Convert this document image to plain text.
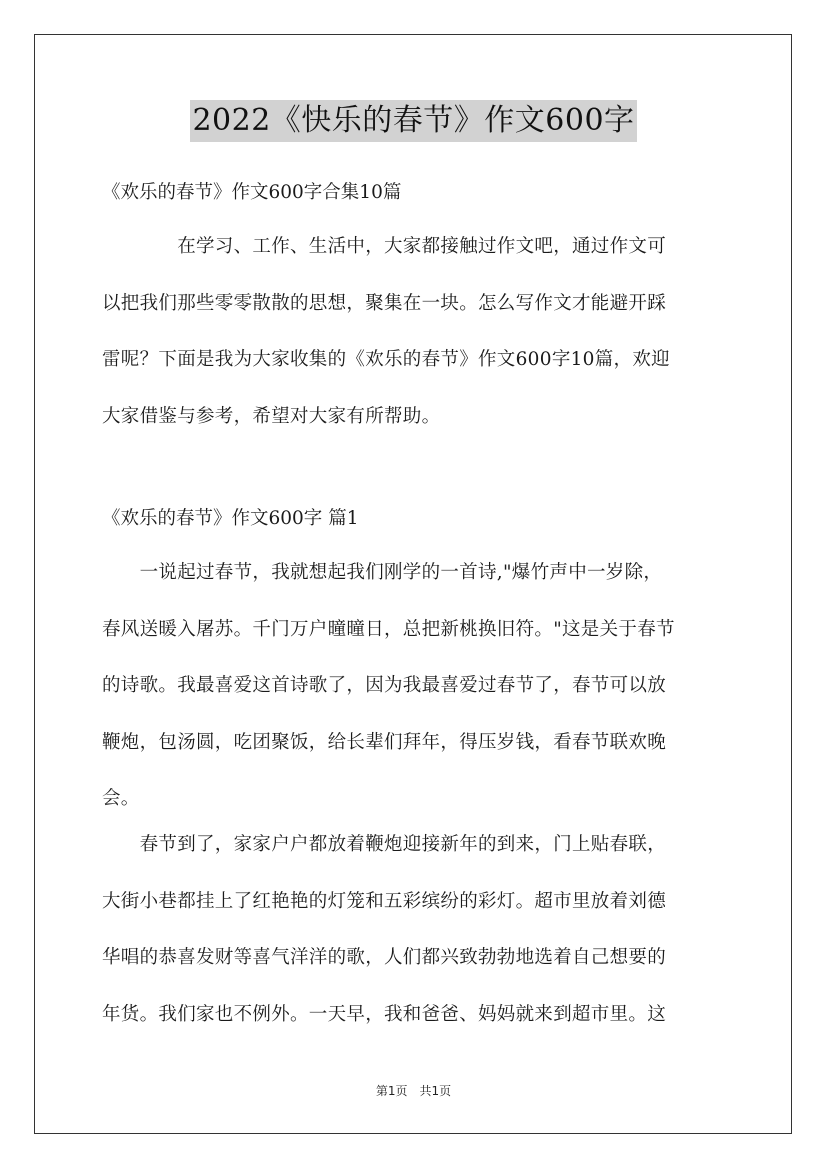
2022《快乐的春节》作文600字
《欢乐的春节》作文600字合集10篇
　　　　在学习、工作、生活中，大家都接触过作文吧，通过作文可
以把我们那些零零散散的思想，聚集在一块。怎么写作文才能避开踩
雷呢？下面是我为大家收集的《欢乐的春节》作文600字10篇，欢迎
大家借鉴与参考，希望对大家有所帮助。
《欢乐的春节》作文600字 篇1
　　一说起过春节，我就想起我们刚学的一首诗,"爆竹声中一岁除，
春风送暖入屠苏。千门万户曈曈日，总把新桃换旧符。"这是关于春节
的诗歌。我最喜爱这首诗歌了，因为我最喜爱过春节了，春节可以放
鞭炮，包汤圆，吃团聚饭，给长辈们拜年，得压岁钱，看春节联欢晚
会。
　　春节到了，家家户户都放着鞭炮迎接新年的到来，门上贴春联，
大街小巷都挂上了红艳艳的灯笼和五彩缤纷的彩灯。超市里放着刘德
华唱的恭喜发财等喜气洋洋的歌，人们都兴致勃勃地选着自己想要的
年货。我们家也不例外。一天早，我和爸爸、妈妈就来到超市里。这
第1页　共1页
